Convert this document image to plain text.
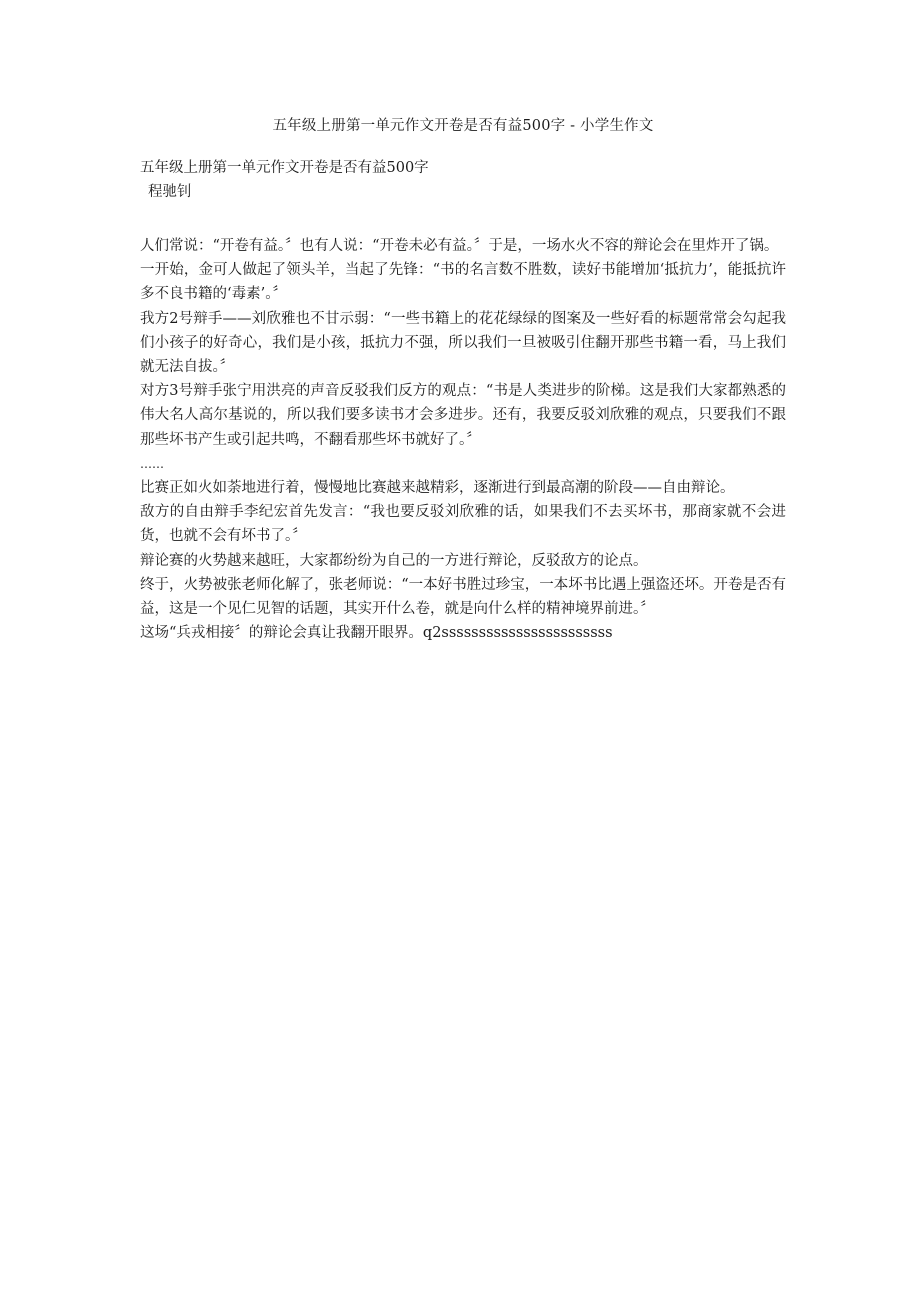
五年级上册第一单元作文开卷是否有益500字 - 小学生作文
五年级上册第一单元作文开卷是否有益500字
程驰钊

人们常说：“开卷有益。〞也有人说：“开卷未必有益。〞于是，一场水火不容的辩论会在里炸开了锅。

一开始，金可人做起了领头羊，当起了先锋：“书的名言数不胜数，读好书能增加‘抵抗力’，能抵抗许多不良书籍的‘毒素’。〞

我方2号辩手——刘欣雅也不甘示弱：“一些书籍上的花花绿绿的图案及一些好看的标题常常会勾起我们小孩子的好奇心，我们是小孩，抵抗力不强，所以我们一旦被吸引住翻开那些书籍一看，马上我们就无法自拔。〞

对方3号辩手张宁用洪亮的声音反驳我们反方的观点：“书是人类进步的阶梯。这是我们大家都熟悉的伟大名人高尔基说的，所以我们要多读书才会多进步。还有，我要反驳刘欣雅的观点，只要我们不跟那些坏书产生或引起共鸣，不翻看那些坏书就好了。〞

……

比赛正如火如荼地进行着，慢慢地比赛越来越精彩，逐渐进行到最高潮的阶段——自由辩论。

敌方的自由辩手李纪宏首先发言：“我也要反驳刘欣雅的话，如果我们不去买坏书，那商家就不会进货，也就不会有坏书了。〞

辩论赛的火势越来越旺，大家都纷纷为自己的一方进行辩论，反驳敌方的论点。

终于，火势被张老师化解了，张老师说：“一本好书胜过珍宝，一本坏书比遇上强盗还坏。开卷是否有益，这是一个见仁见智的话题，其实开什么卷，就是向什么样的精神境界前进。〞

这场“兵戎相接〞的辩论会真让我翻开眼界。q2sssssssssssssssssssssss
